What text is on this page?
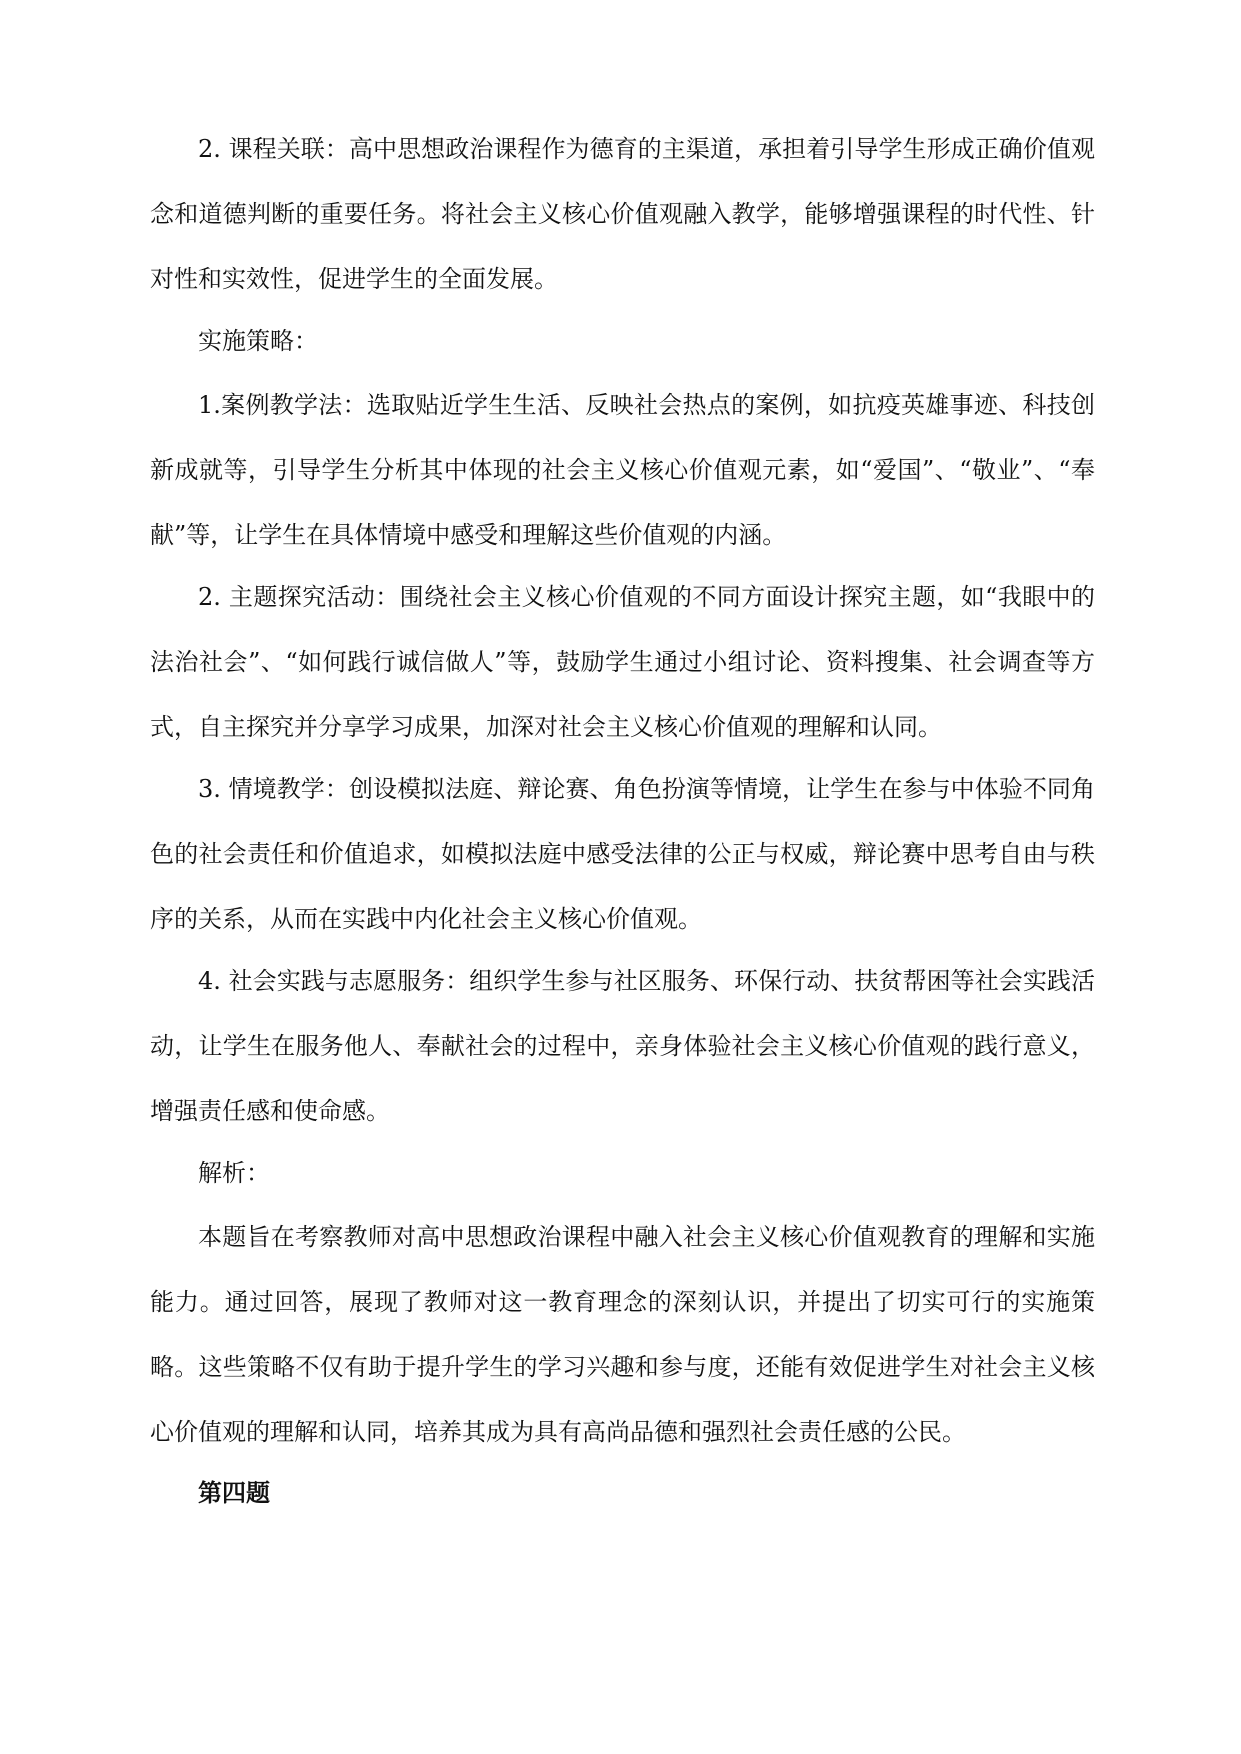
2. 课程关联：高中思想政治课程作为德育的主渠道，承担着引导学生形成正确价值观念和道德判断的重要任务。将社会主义核心价值观融入教学，能够增强课程的时代性、针对性和实效性，促进学生的全面发展。

实施策略：

1.案例教学法：选取贴近学生生活、反映社会热点的案例，如抗疫英雄事迹、科技创新成就等，引导学生分析其中体现的社会主义核心价值观元素，如“爱国”、“敬业”、“奉献”等，让学生在具体情境中感受和理解这些价值观的内涵。

2. 主题探究活动：围绕社会主义核心价值观的不同方面设计探究主题，如“我眼中的法治社会”、“如何践行诚信做人”等，鼓励学生通过小组讨论、资料搜集、社会调查等方式，自主探究并分享学习成果，加深对社会主义核心价值观的理解和认同。

3. 情境教学：创设模拟法庭、辩论赛、角色扮演等情境，让学生在参与中体验不同角色的社会责任和价值追求，如模拟法庭中感受法律的公正与权威，辩论赛中思考自由与秩序的关系，从而在实践中内化社会主义核心价值观。

4. 社会实践与志愿服务：组织学生参与社区服务、环保行动、扶贫帮困等社会实践活动，让学生在服务他人、奉献社会的过程中，亲身体验社会主义核心价值观的践行意义，增强责任感和使命感。

解析：

本题旨在考察教师对高中思想政治课程中融入社会主义核心价值观教育的理解和实施能力。通过回答，展现了教师对这一教育理念的深刻认识，并提出了切实可行的实施策略。这些策略不仅有助于提升学生的学习兴趣和参与度，还能有效促进学生对社会主义核心价值观的理解和认同，培养其成为具有高尚品德和强烈社会责任感的公民。

第四题
